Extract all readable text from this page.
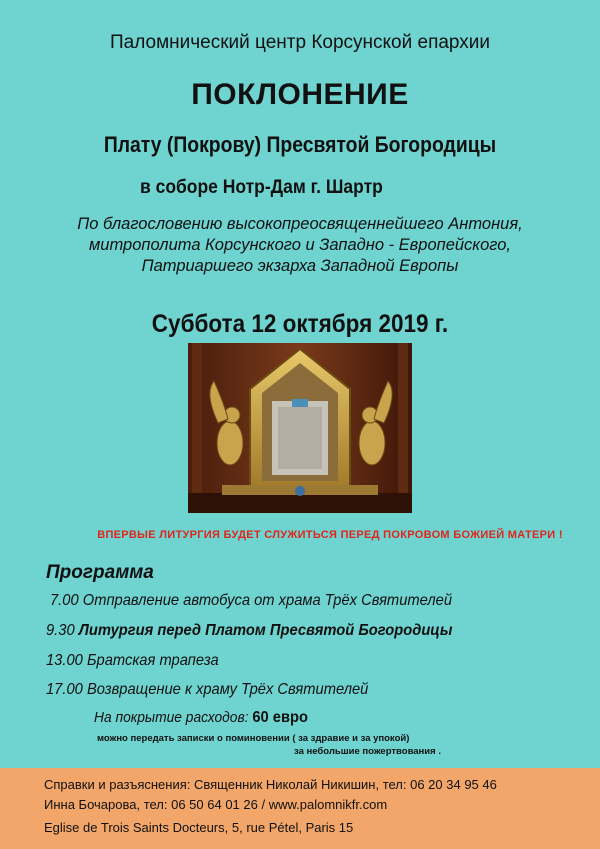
Паломнический центр Корсунской епархии
ПОКЛОНЕНИЕ
Плату (Покрову) Пресвятой Богородицы
в соборе Нотр-Дам г. Шартр
По благословению высокопреосвященнейшего Антония,
митрополита Корсунского и Западно - Европейского,
Патриаршего экзарха Западной Европы
Суббота 12 октября 2019 г.
ВПЕРВЫЕ ЛИТУРГИЯ БУДЕТ СЛУЖИТЬСЯ ПЕРЕД ПОКРОВОМ БОЖИЕЙ МАТЕРИ !
Программа
7.00 Отправление автобуса от храма Трёх Святителей
9.30 Литургия перед Платом Пресвятой Богородицы
13.00 Братская трапеза
17.00 Возвращение к храму Трёх Святителей
На покрытие расходов: 60 евро
можно передать записки о поминовении ( за здравие и за упокой)
за небольшие пожертвования .
Справки и разъяснения: Священник Николай Никишин, тел: 06 20 34 95 46
Инна Бочарова, тел: 06 50 64 01 26 / www.palomnikfr.com
Eglise de Trois Saints Docteurs, 5, rue Pétel, Paris 15
